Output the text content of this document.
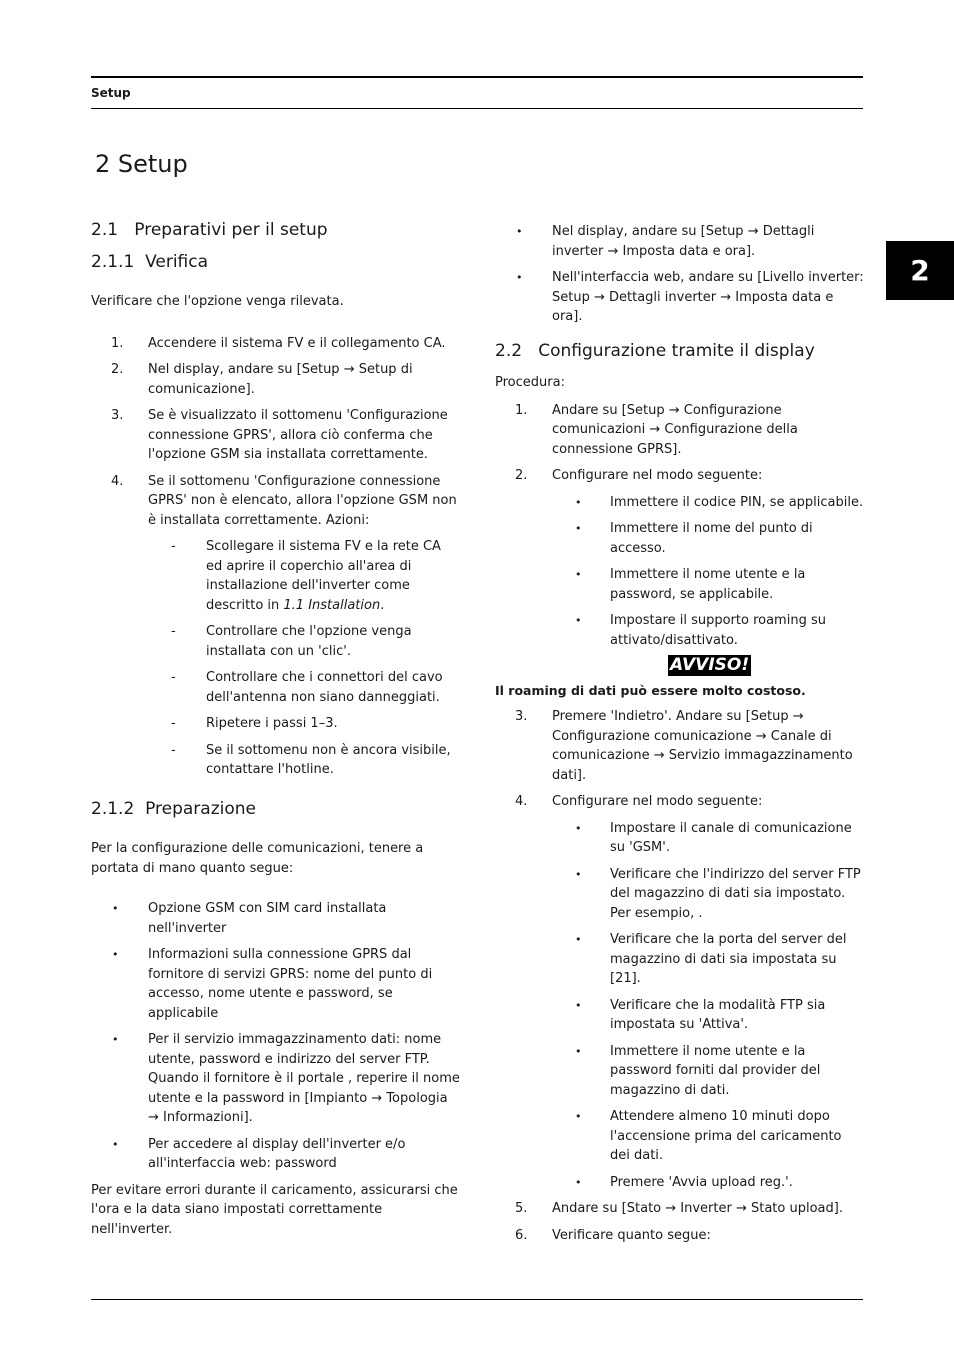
Setup
2 Setup
2
2.1   Preparativi per il setup
2.1.1  Verifica

Verificare che l'opzione venga rilevata.

1. Accendere il sistema FV e il collegamento CA.
2. Nel display, andare su [Setup → Setup di comunicazione].
3. Se è visualizzato il sottomenu 'Configurazione connessione GPRS', allora ciò conferma che l'opzione GSM sia installata correttamente.
4. Se il sottomenu 'Configurazione connessione GPRS' non è elencato, allora l'opzione GSM non è installata correttamente. Azioni:
- Scollegare il sistema FV e la rete CA ed aprire il coperchio all'area di installazione dell'inverter come descritto in 1.1 Installation.
- Controllare che l'opzione venga installata con un 'clic'.
- Controllare che i connettori del cavo dell'antenna non siano danneggiati.
- Ripetere i passi 1–3.
- Se il sottomenu non è ancora visibile, contattare l'hotline.
2.1.2  Preparazione

Per la configurazione delle comunicazioni, tenere a portata di mano quanto segue:

• Opzione GSM con SIM card installata nell'inverter
• Informazioni sulla connessione GPRS dal fornitore di servizi GPRS: nome del punto di accesso, nome utente e password, se applicabile
• Per il servizio immagazzinamento dati: nome utente, password e indirizzo del server FTP. Quando il fornitore è il portale , reperire il nome utente e la password in [Impianto → Topologia → Informazioni].
• Per accedere al display dell'inverter e/o all'interfaccia web: password

Per evitare errori durante il caricamento, assicurarsi che l'ora e la data siano impostati correttamente nell'inverter.

• Nel display, andare su [Setup → Dettagli inverter → Imposta data e ora].
• Nell'interfaccia web, andare su [Livello inverter: Setup → Dettagli inverter → Imposta data e ora].
2.2   Configurazione tramite il display

Procedura:

1. Andare su [Setup → Configurazione comunicazioni → Configurazione della connessione GPRS].
2. Configurare nel modo seguente:
• Immettere il codice PIN, se applicabile.
• Immettere il nome del punto di accesso.
• Immettere il nome utente e la password, se applicabile.
• Impostare il supporto roaming su attivato/disattivato.
AVVISO!

Il roaming di dati può essere molto costoso.

3. Premere 'Indietro'. Andare su [Setup → Configurazione comunicazione → Canale di comunicazione → Servizio immagazzinamento dati].
4. Configurare nel modo seguente:
• Impostare il canale di comunicazione su 'GSM'.
• Verificare che l'indirizzo del server FTP del magazzino di dati sia impostato. Per esempio, .
• Verificare che la porta del server del magazzino di dati sia impostata su [21].
• Verificare che la modalità FTP sia impostata su 'Attiva'.
• Immettere il nome utente e la password forniti dal provider del magazzino di dati.
• Attendere almeno 10 minuti dopo l'accensione prima del caricamento dei dati.
• Premere 'Avvia upload reg.'.
5. Andare su [Stato → Inverter → Stato upload].
6. Verificare quanto segue:
